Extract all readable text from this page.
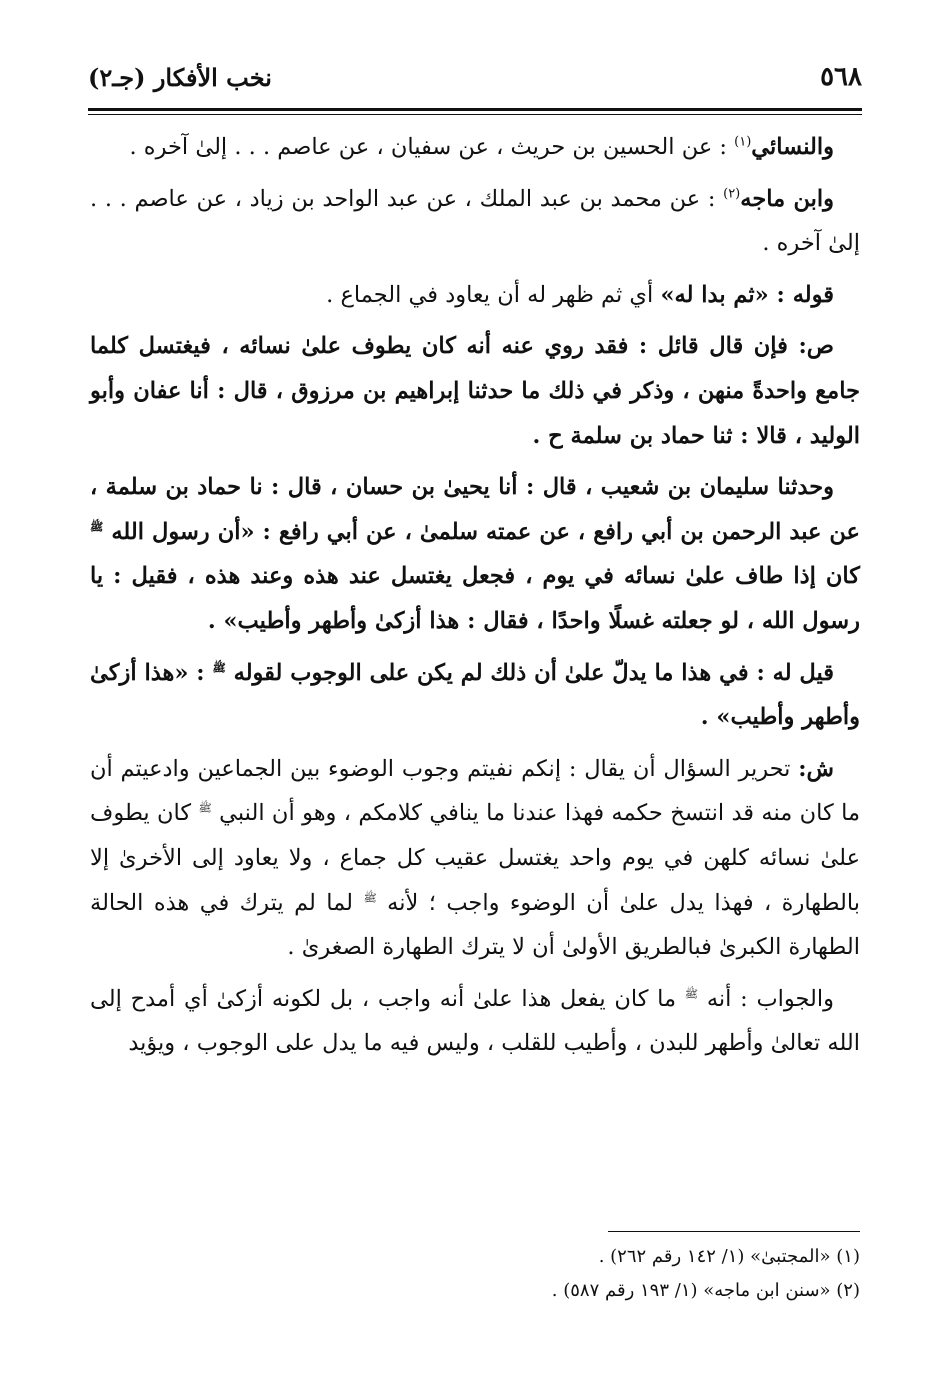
٥٦٨
نخب الأفكار (جـ٢)

والنسائي$^{(١)}$ : عن الحسين بن حريث ، عن سفيان ، عن عاصم . . . إلىٰ آخره .

وابن ماجه$^{(٢)}$ : عن محمد بن عبد الملك ، عن عبد الواحد بن زياد ، عن عاصم . . . إلىٰ آخره .

قوله : «ثم بدا له» أي ثم ظهر له أن يعاود في الجماع .

ص: فإن قال قائل : فقد روي عنه أنه كان يطوف علىٰ نسائه ، فيغتسل كلما جامع واحدةً منهن ، وذكر في ذلك ما حدثنا إبراهيم بن مرزوق ، قال : أنا عفان وأبو الوليد ، قالا : ثنا حماد بن سلمة ح .

وحدثنا سليمان بن شعيب ، قال : أنا يحيىٰ بن حسان ، قال : نا حماد بن سلمة ، عن عبد الرحمن بن أبي رافع ، عن عمته سلمىٰ ، عن أبي رافع : «أن رسول الله $^ﷺ$ كان إذا طاف علىٰ نسائه في يوم ، فجعل يغتسل عند هذه وعند هذه ، فقيل : يا رسول الله ، لو جعلته غسلًا واحدًا ، فقال : هذا أزكىٰ وأطهر وأطيب» .

قيل له : في هذا ما يدلّ علىٰ أن ذلك لم يكن على الوجوب لقوله $^ﷺ$ : «هذا أزكىٰ وأطهر وأطيب» .

ش: تحرير السؤال أن يقال : إنكم نفيتم وجوب الوضوء بين الجماعين وادعيتم أن ما كان منه قد انتسخ حكمه فهذا عندنا ما ينافي كلامكم ، وهو أن النبي $^ﷺ$ كان يطوف علىٰ نسائه كلهن في يوم واحد يغتسل عقيب كل جماع ، ولا يعاود إلى الأخرىٰ إلا بالطهارة ، فهذا يدل علىٰ أن الوضوء واجب ؛ لأنه $^ﷺ$ لما لم يترك في هذه الحالة الطهارة الكبرىٰ فبالطريق الأولىٰ أن لا يترك الطهارة الصغرىٰ .

والجواب : أنه $^ﷺ$ ما كان يفعل هذا علىٰ أنه واجب ، بل لكونه أزكىٰ أي أمدح إلى الله تعالىٰ وأطهر للبدن ، وأطيب للقلب ، وليس فيه ما يدل على الوجوب ، ويؤيد

(١) «المجتبىٰ» (١/ ١٤٢ رقم ٢٦٢) .

(٢) «سنن ابن ماجه» (١/ ١٩٣ رقم ٥٨٧) .
